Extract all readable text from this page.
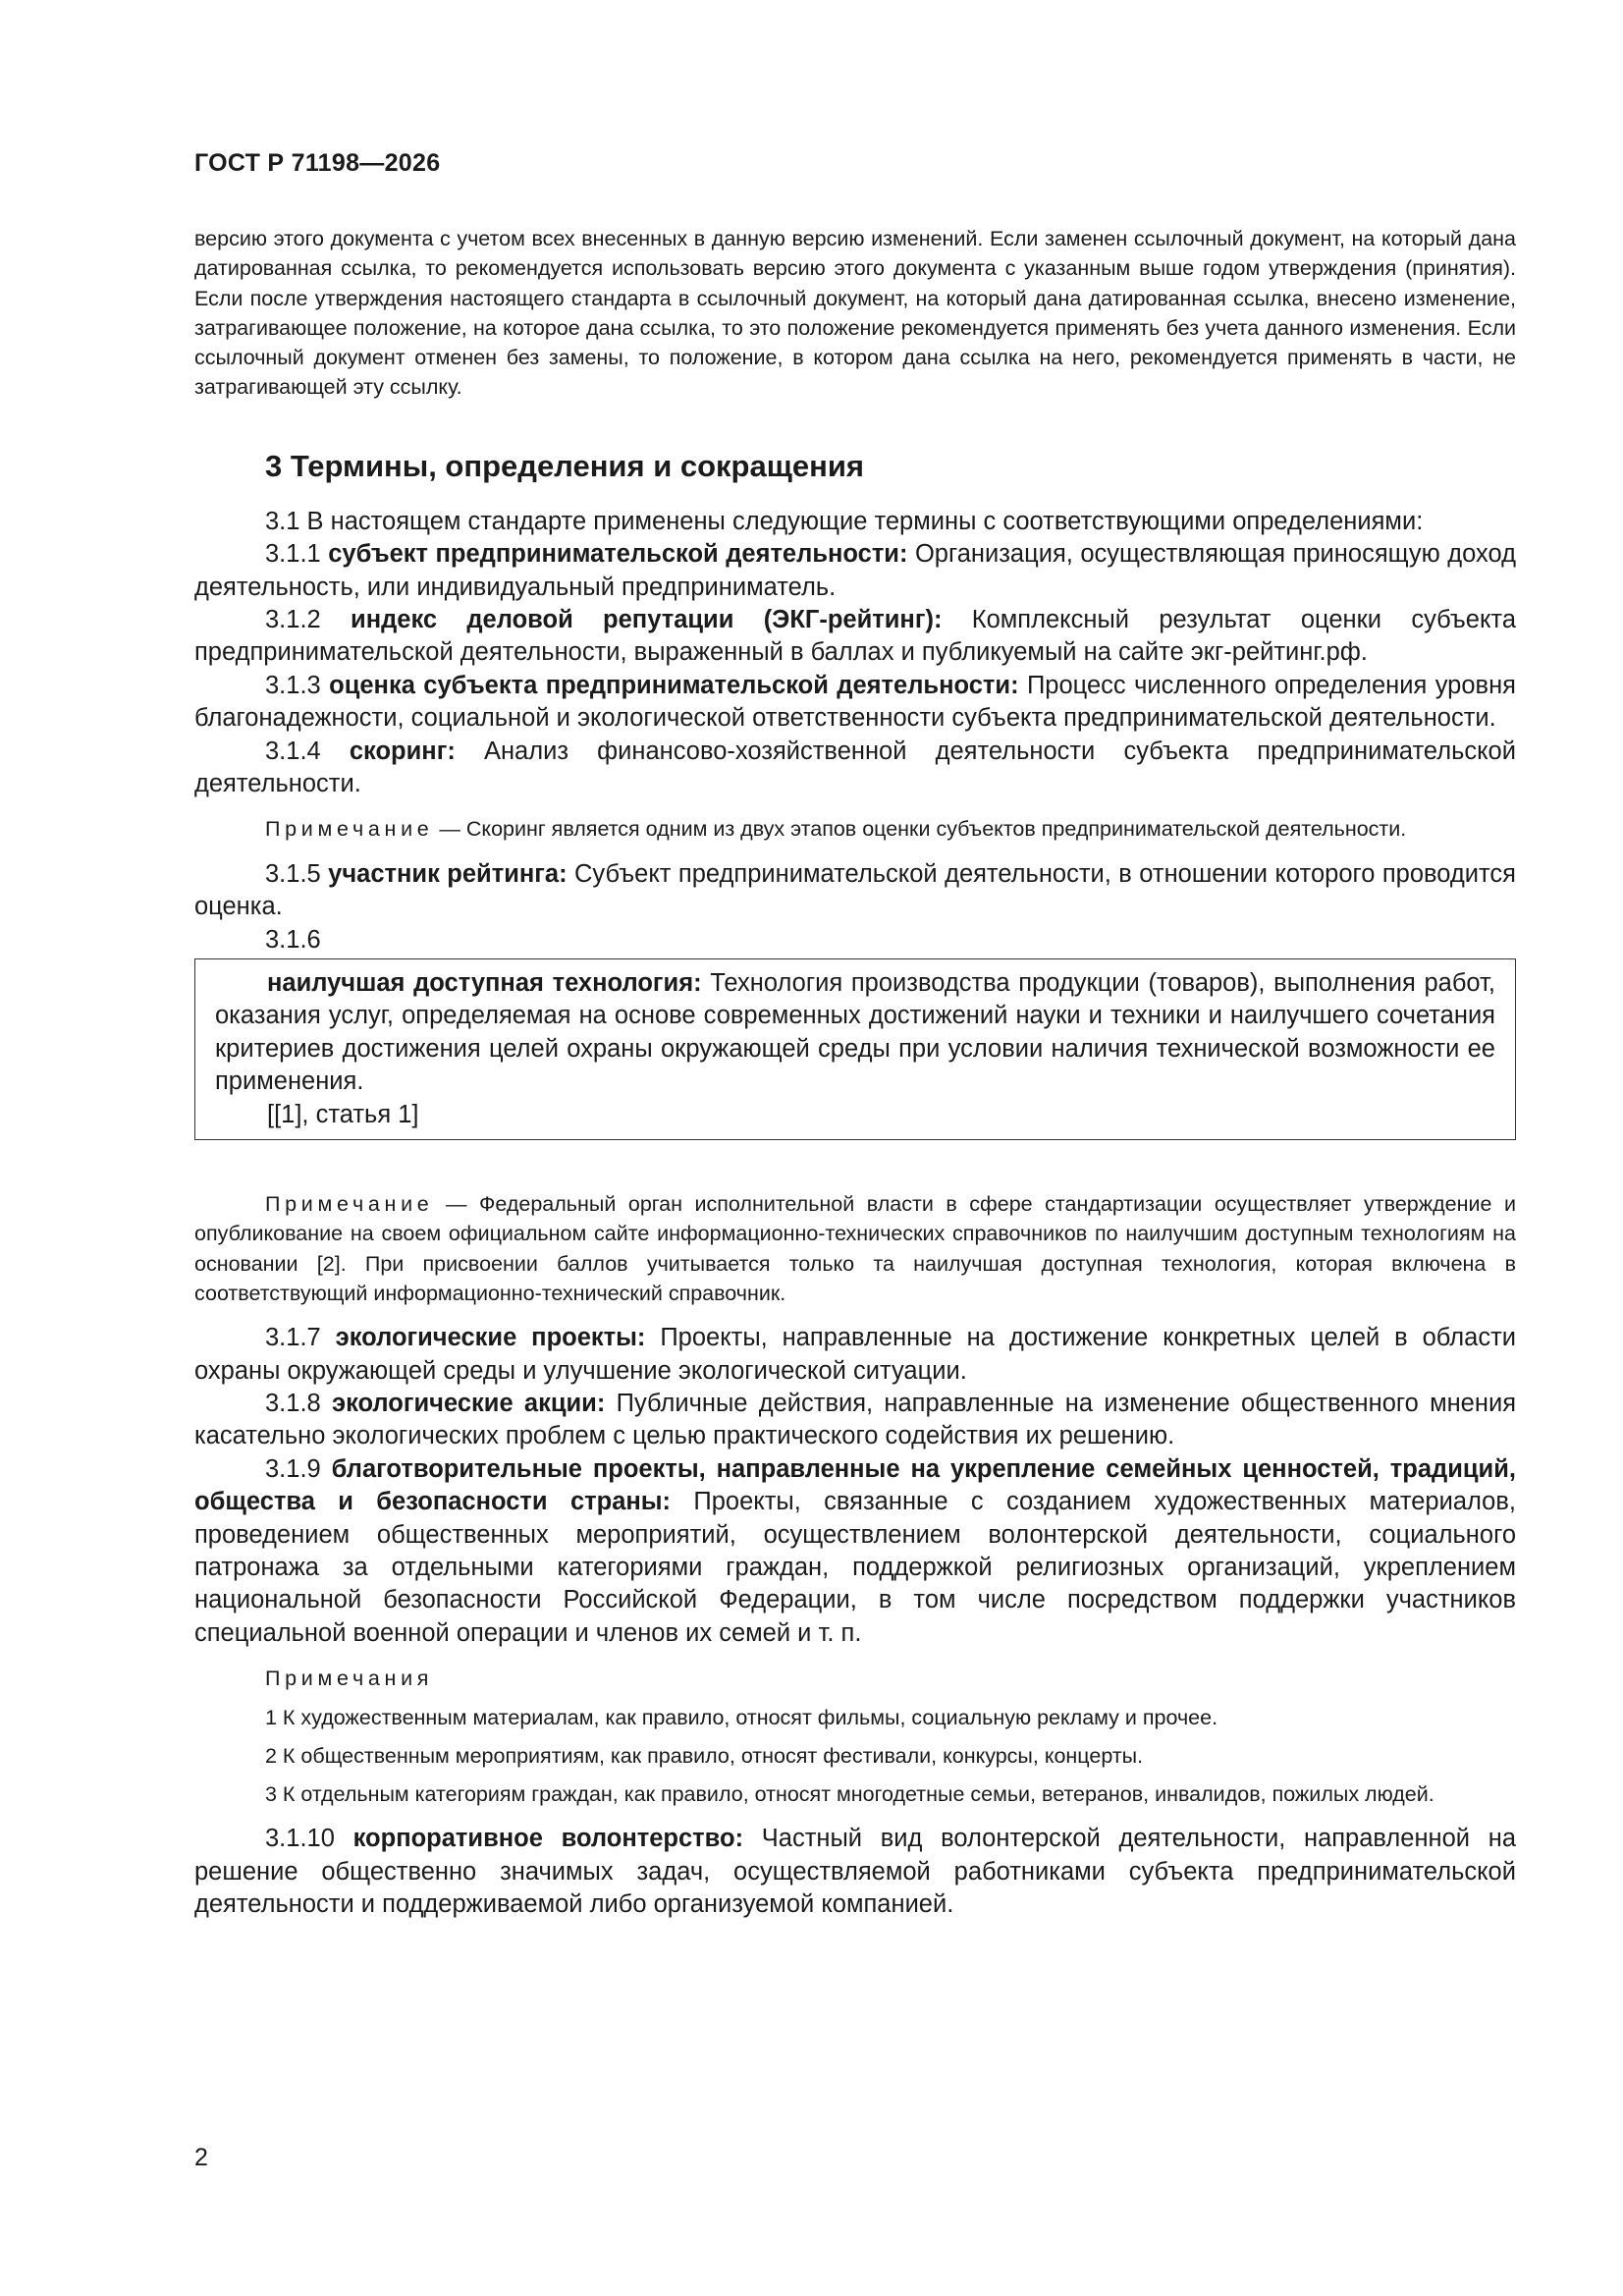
ГОСТ Р 71198—2026

версию этого документа с учетом всех внесенных в данную версию изменений. Если заменен ссылочный документ, на который дана датированная ссылка, то рекомендуется использовать версию этого документа с указанным выше годом утверждения (принятия). Если после утверждения настоящего стандарта в ссылочный документ, на который дана датированная ссылка, внесено изменение, затрагивающее положение, на которое дана ссылка, то это положение рекомендуется применять без учета данного изменения. Если ссылочный документ отменен без замены, то положение, в котором дана ссылка на него, рекомендуется применять в части, не затрагивающей эту ссылку.

3 Термины, определения и сокращения

3.1 В настоящем стандарте применены следующие термины с соответствующими определениями:

3.1.1 субъект предпринимательской деятельности: Организация, осуществляющая приносящую доход деятельность, или индивидуальный предприниматель.

3.1.2 индекс деловой репутации (ЭКГ-рейтинг): Комплексный результат оценки субъекта предпринимательской деятельности, выраженный в баллах и публикуемый на сайте экг-рейтинг.рф.

3.1.3 оценка субъекта предпринимательской деятельности: Процесс численного определения уровня благонадежности, социальной и экологической ответственности субъекта предпринимательской деятельности.

3.1.4 скоринг: Анализ финансово-хозяйственной деятельности субъекта предпринимательской деятельности.

Примечание — Скоринг является одним из двух этапов оценки субъектов предпринимательской деятельности.

3.1.5 участник рейтинга: Субъект предпринимательской деятельности, в отношении которого проводится оценка.

3.1.6

наилучшая доступная технология: Технология производства продукции (товаров), выполнения работ, оказания услуг, определяемая на основе современных достижений науки и техники и наилучшего сочетания критериев достижения целей охраны окружающей среды при условии наличия технической возможности ее применения.

[[1], статья 1]

Примечание — Федеральный орган исполнительной власти в сфере стандартизации осуществляет утверждение и опубликование на своем официальном сайте информационно-технических справочников по наилучшим доступным технологиям на основании [2]. При присвоении баллов учитывается только та наилучшая доступная технология, которая включена в соответствующий информационно-технический справочник.

3.1.7 экологические проекты: Проекты, направленные на достижение конкретных целей в области охраны окружающей среды и улучшение экологической ситуации.

3.1.8 экологические акции: Публичные действия, направленные на изменение общественного мнения касательно экологических проблем с целью практического содействия их решению.

3.1.9 благотворительные проекты, направленные на укрепление семейных ценностей, традиций, общества и безопасности страны: Проекты, связанные с созданием художественных материалов, проведением общественных мероприятий, осуществлением волонтерской деятельности, социального патронажа за отдельными категориями граждан, поддержкой религиозных организаций, укреплением национальной безопасности Российской Федерации, в том числе посредством поддержки участников специальной военной операции и членов их семей и т. п.

Примечания

1 К художественным материалам, как правило, относят фильмы, социальную рекламу и прочее.

2 К общественным мероприятиям, как правило, относят фестивали, конкурсы, концерты.

3 К отдельным категориям граждан, как правило, относят многодетные семьи, ветеранов, инвалидов, пожилых людей.

3.1.10 корпоративное волонтерство: Частный вид волонтерской деятельности, направленной на решение общественно значимых задач, осуществляемой работниками субъекта предпринимательской деятельности и поддерживаемой либо организуемой компанией.

2
